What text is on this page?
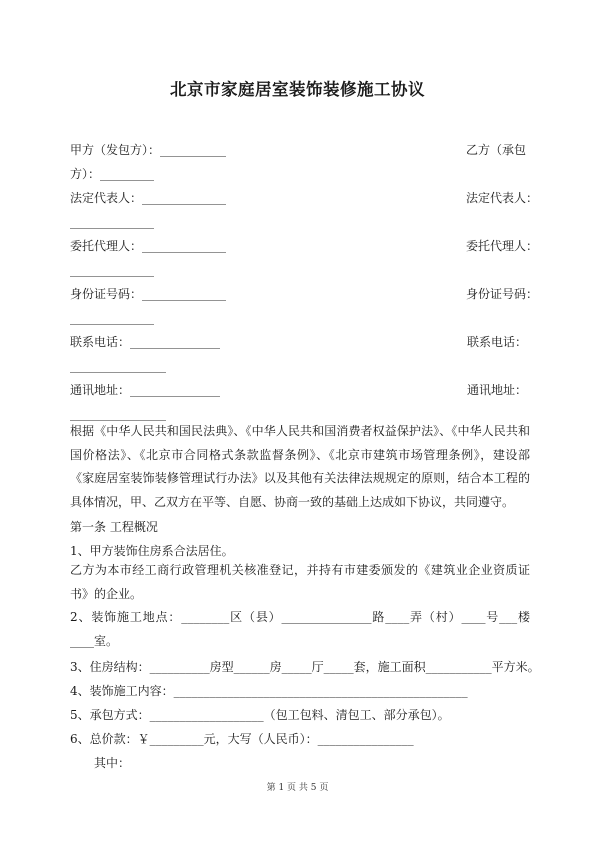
北京市家庭居室装饰装修施工协议
甲方（发包方）：___________	乙方（承包
方）：_________
法定代表人：______________	法定代表人：
______________
委托代理人：______________	委托代理人：
______________
身份证号码：______________	身份证号码：
______________
联系电话：_______________	联系电话：
________________
通讯地址：_______________	通讯地址：
________________
根据《中华人民共和国民法典》、《中华人民共和国消费者权益保护法》、《中华人民共和国价格法》、《北京市合同格式条款监督条例》、《北京市建筑市场管理条例》，建设部《家庭居室装饰装修管理试行办法》以及其他有关法律法规规定的原则，结合本工程的具体情况，甲、乙双方在平等、自愿、协商一致的基础上达成如下协议，共同遵守。
第一条 工程概况
1、甲方装饰住房系合法居住。
乙方为本市经工商行政管理机关核准登记，并持有市建委颁发的《建筑业企业资质证书》的企业。
2、装饰施工地点：________区（县）_______________路____弄（村）____号___楼____室。
3、住房结构：__________房型______房_____厅_____套，施工面积___________平方米。
4、装饰施工内容：_________________________________________________
5、承包方式：___________________（包工包料、清包工、部分承包）。
6、总价款：￥_________元，大写（人民币）：________________
其中：
第 1 页 共 5 页
